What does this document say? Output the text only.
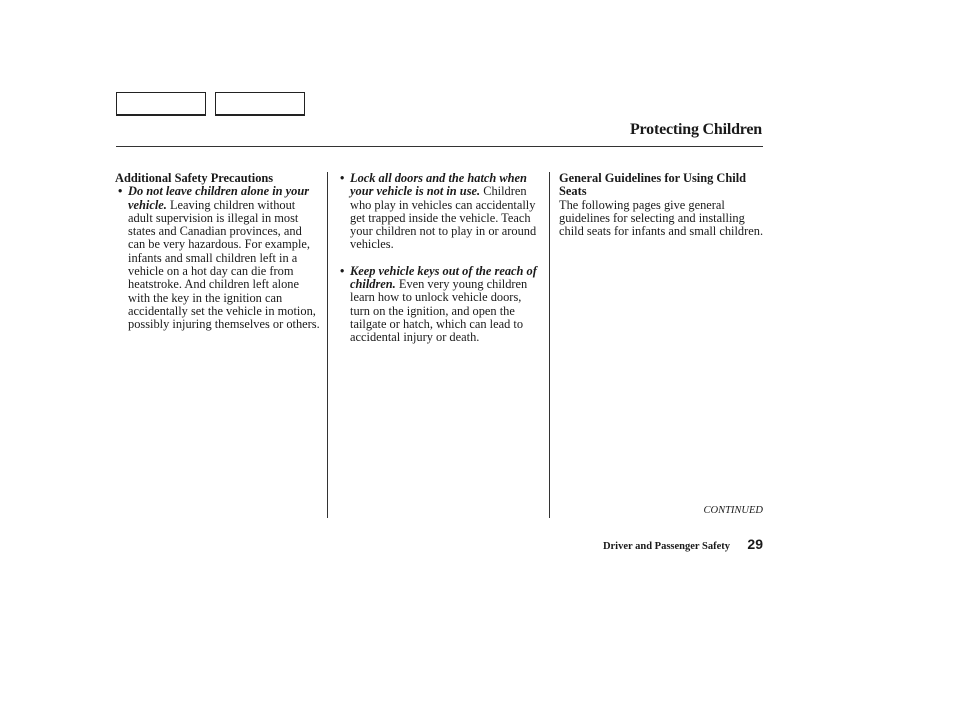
Protecting Children
Additional Safety Precautions

• Do not leave children alone in your vehicle. Leaving children without adult supervision is illegal in most states and Canadian provinces, and can be very hazardous. For example, infants and small children left in a vehicle on a hot day can die from heatstroke. And children left alone with the key in the ignition can accidentally set the vehicle in motion, possibly injuring themselves or others.

• Lock all doors and the hatch when your vehicle is not in use. Children who play in vehicles can accidentally get trapped inside the vehicle. Teach your children not to play in or around vehicles.

• Keep vehicle keys out of the reach of children. Even very young children learn how to unlock vehicle doors, turn on the ignition, and open the tailgate or hatch, which can lead to accidental injury or death.

General Guidelines for Using Child Seats
The following pages give general guidelines for selecting and installing child seats for infants and small children.
CONTINUED
Driver and Passenger Safety 29
